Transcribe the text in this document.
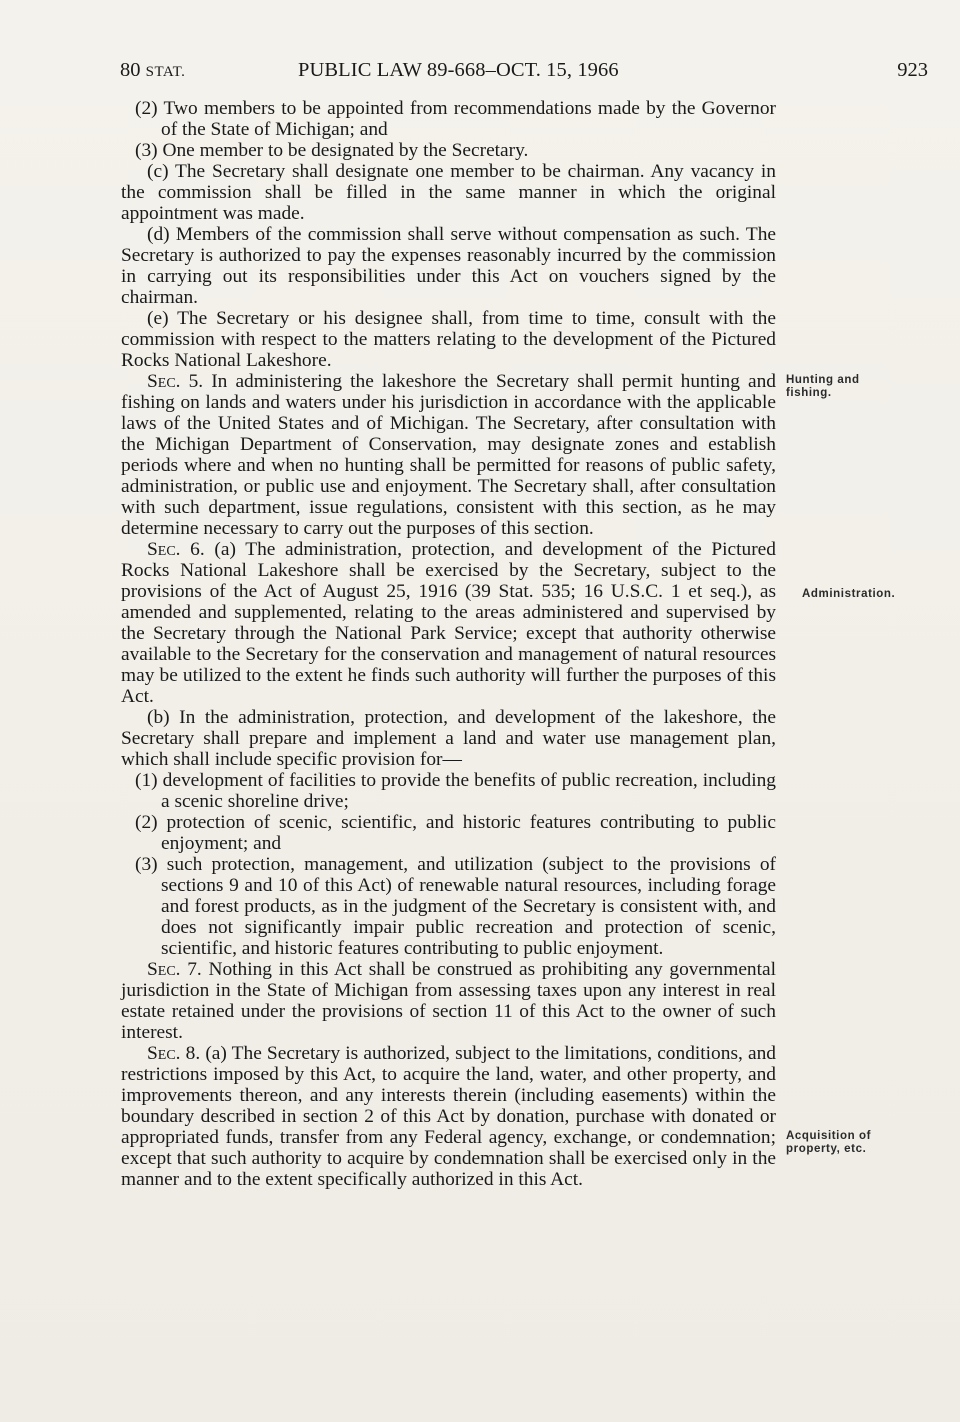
80 STAT.	PUBLIC LAW 89-668–OCT. 15, 1966	923

(2) Two members to be appointed from recommendations made by the Governor of the State of Michigan; and

(3) One member to be designated by the Secretary.

(c) The Secretary shall designate one member to be chairman. Any vacancy in the commission shall be filled in the same manner in which the original appointment was made.

(d) Members of the commission shall serve without compensation as such. The Secretary is authorized to pay the expenses reasonably incurred by the commission in carrying out its responsibilities under this Act on vouchers signed by the chairman.

(e) The Secretary or his designee shall, from time to time, consult with the commission with respect to the matters relating to the development of the Pictured Rocks National Lakeshore.

Sec. 5. In administering the lakeshore the Secretary shall permit hunting and fishing on lands and waters under his jurisdiction in accordance with the applicable laws of the United States and of Michigan. The Secretary, after consultation with the Michigan Department of Conservation, may designate zones and establish periods where and when no hunting shall be permitted for reasons of public safety, administration, or public use and enjoyment. The Secretary shall, after consultation with such department, issue regulations, consistent with this section, as he may determine necessary to carry out the purposes of this section.

Sec. 6. (a) The administration, protection, and development of the Pictured Rocks National Lakeshore shall be exercised by the Secretary, subject to the provisions of the Act of August 25, 1916 (39 Stat. 535; 16 U.S.C. 1 et seq.), as amended and supplemented, relating to the areas administered and supervised by the Secretary through the National Park Service; except that authority otherwise available to the Secretary for the conservation and management of natural resources may be utilized to the extent he finds such authority will further the purposes of this Act.

(b) In the administration, protection, and development of the lakeshore, the Secretary shall prepare and implement a land and water use management plan, which shall include specific provision for—

(1) development of facilities to provide the benefits of public recreation, including a scenic shoreline drive;

(2) protection of scenic, scientific, and historic features contributing to public enjoyment; and

(3) such protection, management, and utilization (subject to the provisions of sections 9 and 10 of this Act) of renewable natural resources, including forage and forest products, as in the judgment of the Secretary is consistent with, and does not significantly impair public recreation and protection of scenic, scientific, and historic features contributing to public enjoyment.

Sec. 7. Nothing in this Act shall be construed as prohibiting any governmental jurisdiction in the State of Michigan from assessing taxes upon any interest in real estate retained under the provisions of section 11 of this Act to the owner of such interest.

Sec. 8. (a) The Secretary is authorized, subject to the limitations, conditions, and restrictions imposed by this Act, to acquire the land, water, and other property, and improvements thereon, and any interests therein (including easements) within the boundary described in section 2 of this Act by donation, purchase with donated or appropriated funds, transfer from any Federal agency, exchange, or condemnation; except that such authority to acquire by condemnation shall be exercised only in the manner and to the extent specifically authorized in this Act.

Hunting and fishing.
Administration.
Acquisition of property, etc.
